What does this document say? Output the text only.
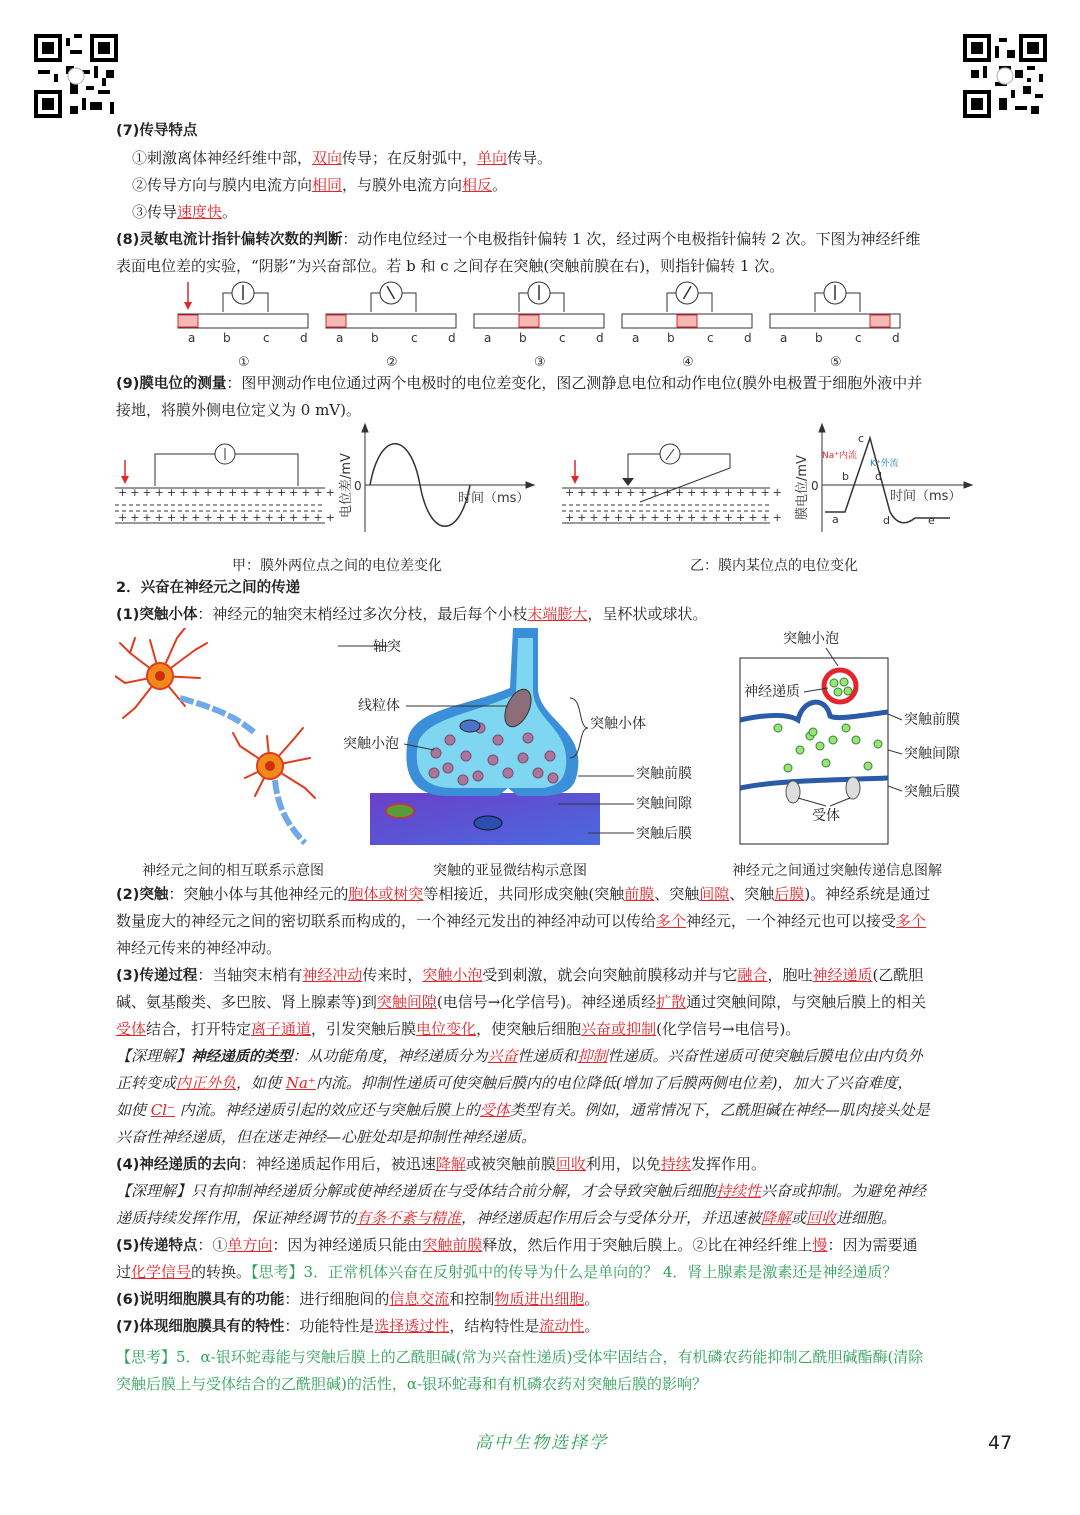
(7)传导特点
①刺激离体神经纤维中部，双向传导；在反射弧中，单向传导。
②传导方向与膜内电流方向相同，与膜外电流方向相反。
③传导速度快。
(8)灵敏电流计指针偏转次数的判断：动作电位经过一个电极指针偏转 1 次，经过两个电极指针偏转 2 次。下图为神经纤维
表面电位差的实验，“阴影”为兴奋部位。若 b 和 c 之间存在突触(突触前膜在右)，则指针偏转 1 次。
a b	c	d
①
a b	c	d
②
a b	c	d
③
a b	c	d
④
a b	c	d
⑤
(9)膜电位的测量：图甲测动作电位通过两个电极时的电位差变化，图乙测静息电位和动作电位(膜外电极置于细胞外液中并
接地，将膜外侧电位定义为 0 mV)。
++++++++++++++++++
++++++++++++++++++ 电位差/mV 0
时间（ms）	++++++++++++++++++
++++++++++++++++++ 膜电位/mV 0
时间（ms）
Na⁺内流
K⁺外流
a
b
c
d
d	e
甲：膜外两位点之间的电位差变化	乙：膜内某位点的电位变化
2．兴奋在神经元之间的传递
(1)突触小体：神经元的轴突末梢经过多次分枝，最后每个小枝末端膨大，呈杯状或球状。
轴突
线粒体
突触小泡
突触小体
突触前膜
突触间隙
突触后膜
突触小泡
神经递质
突触前膜
突触间隙
突触后膜
受体
神经元之间的相互联系示意图	突触的亚显微结构示意图	神经元之间通过突触传递信息图解
(2)突触：突触小体与其他神经元的胞体或树突等相接近，共同形成突触(突触前膜、突触间隙、突触后膜)。神经系统是通过
数量庞大的神经元之间的密切联系而构成的，一个神经元发出的神经冲动可以传给多个神经元，一个神经元也可以接受多个
神经元传来的神经冲动。
(3)传递过程：当轴突末梢有神经冲动传来时，突触小泡受到刺激，就会向突触前膜移动并与它融合，胞吐神经递质(乙酰胆
碱、氨基酸类、多巴胺、肾上腺素等)到突触间隙(电信号→化学信号)。神经递质经扩散通过突触间隙，与突触后膜上的相关
受体结合，打开特定离子通道，引发突触后膜电位变化，使突触后细胞兴奋或抑制(化学信号→电信号)。
【深理解】神经递质的类型：从功能角度，神经递质分为兴奋性递质和抑制性递质。兴奋性递质可使突触后膜电位由内负外
正转变成内正外负，如使 Na⁺内流。抑制性递质可使突触后膜内的电位降低(增加了后膜两侧电位差)，加大了兴奋难度，
如使 Cl⁻ 内流。神经递质引起的效应还与突触后膜上的受体类型有关。例如，通常情况下，乙酰胆碱在神经—肌肉接头处是
兴奋性神经递质，但在迷走神经—心脏处却是抑制性神经递质。
(4)神经递质的去向：神经递质起作用后，被迅速降解或被突触前膜回收利用，以免持续发挥作用。
【深理解】只有抑制神经递质分解或使神经递质在与受体结合前分解，才会导致突触后细胞持续性兴奋或抑制。为避免神经
递质持续发挥作用，保证神经调节的有条不紊与精准，神经递质起作用后会与受体分开，并迅速被降解或回收进细胞。
(5)传递特点：①单方向：因为神经递质只能由突触前膜释放，然后作用于突触后膜上。②比在神经纤维上慢：因为需要通
过化学信号的转换。【思考】3．正常机体兴奋在反射弧中的传导为什么是单向的？ 4．肾上腺素是激素还是神经递质？
(6)说明细胞膜具有的功能：进行细胞间的信息交流和控制物质进出细胞。
(7)体现细胞膜具有的特性：功能特性是选择透过性，结构特性是流动性。
【思考】5．α-银环蛇毒能与突触后膜上的乙酰胆碱(常为兴奋性递质)受体牢固结合，有机磷农药能抑制乙酰胆碱酯酶(清除
突触后膜上与受体结合的乙酰胆碱)的活性，α-银环蛇毒和有机磷农药对突触后膜的影响？
高中生物选择学	47
